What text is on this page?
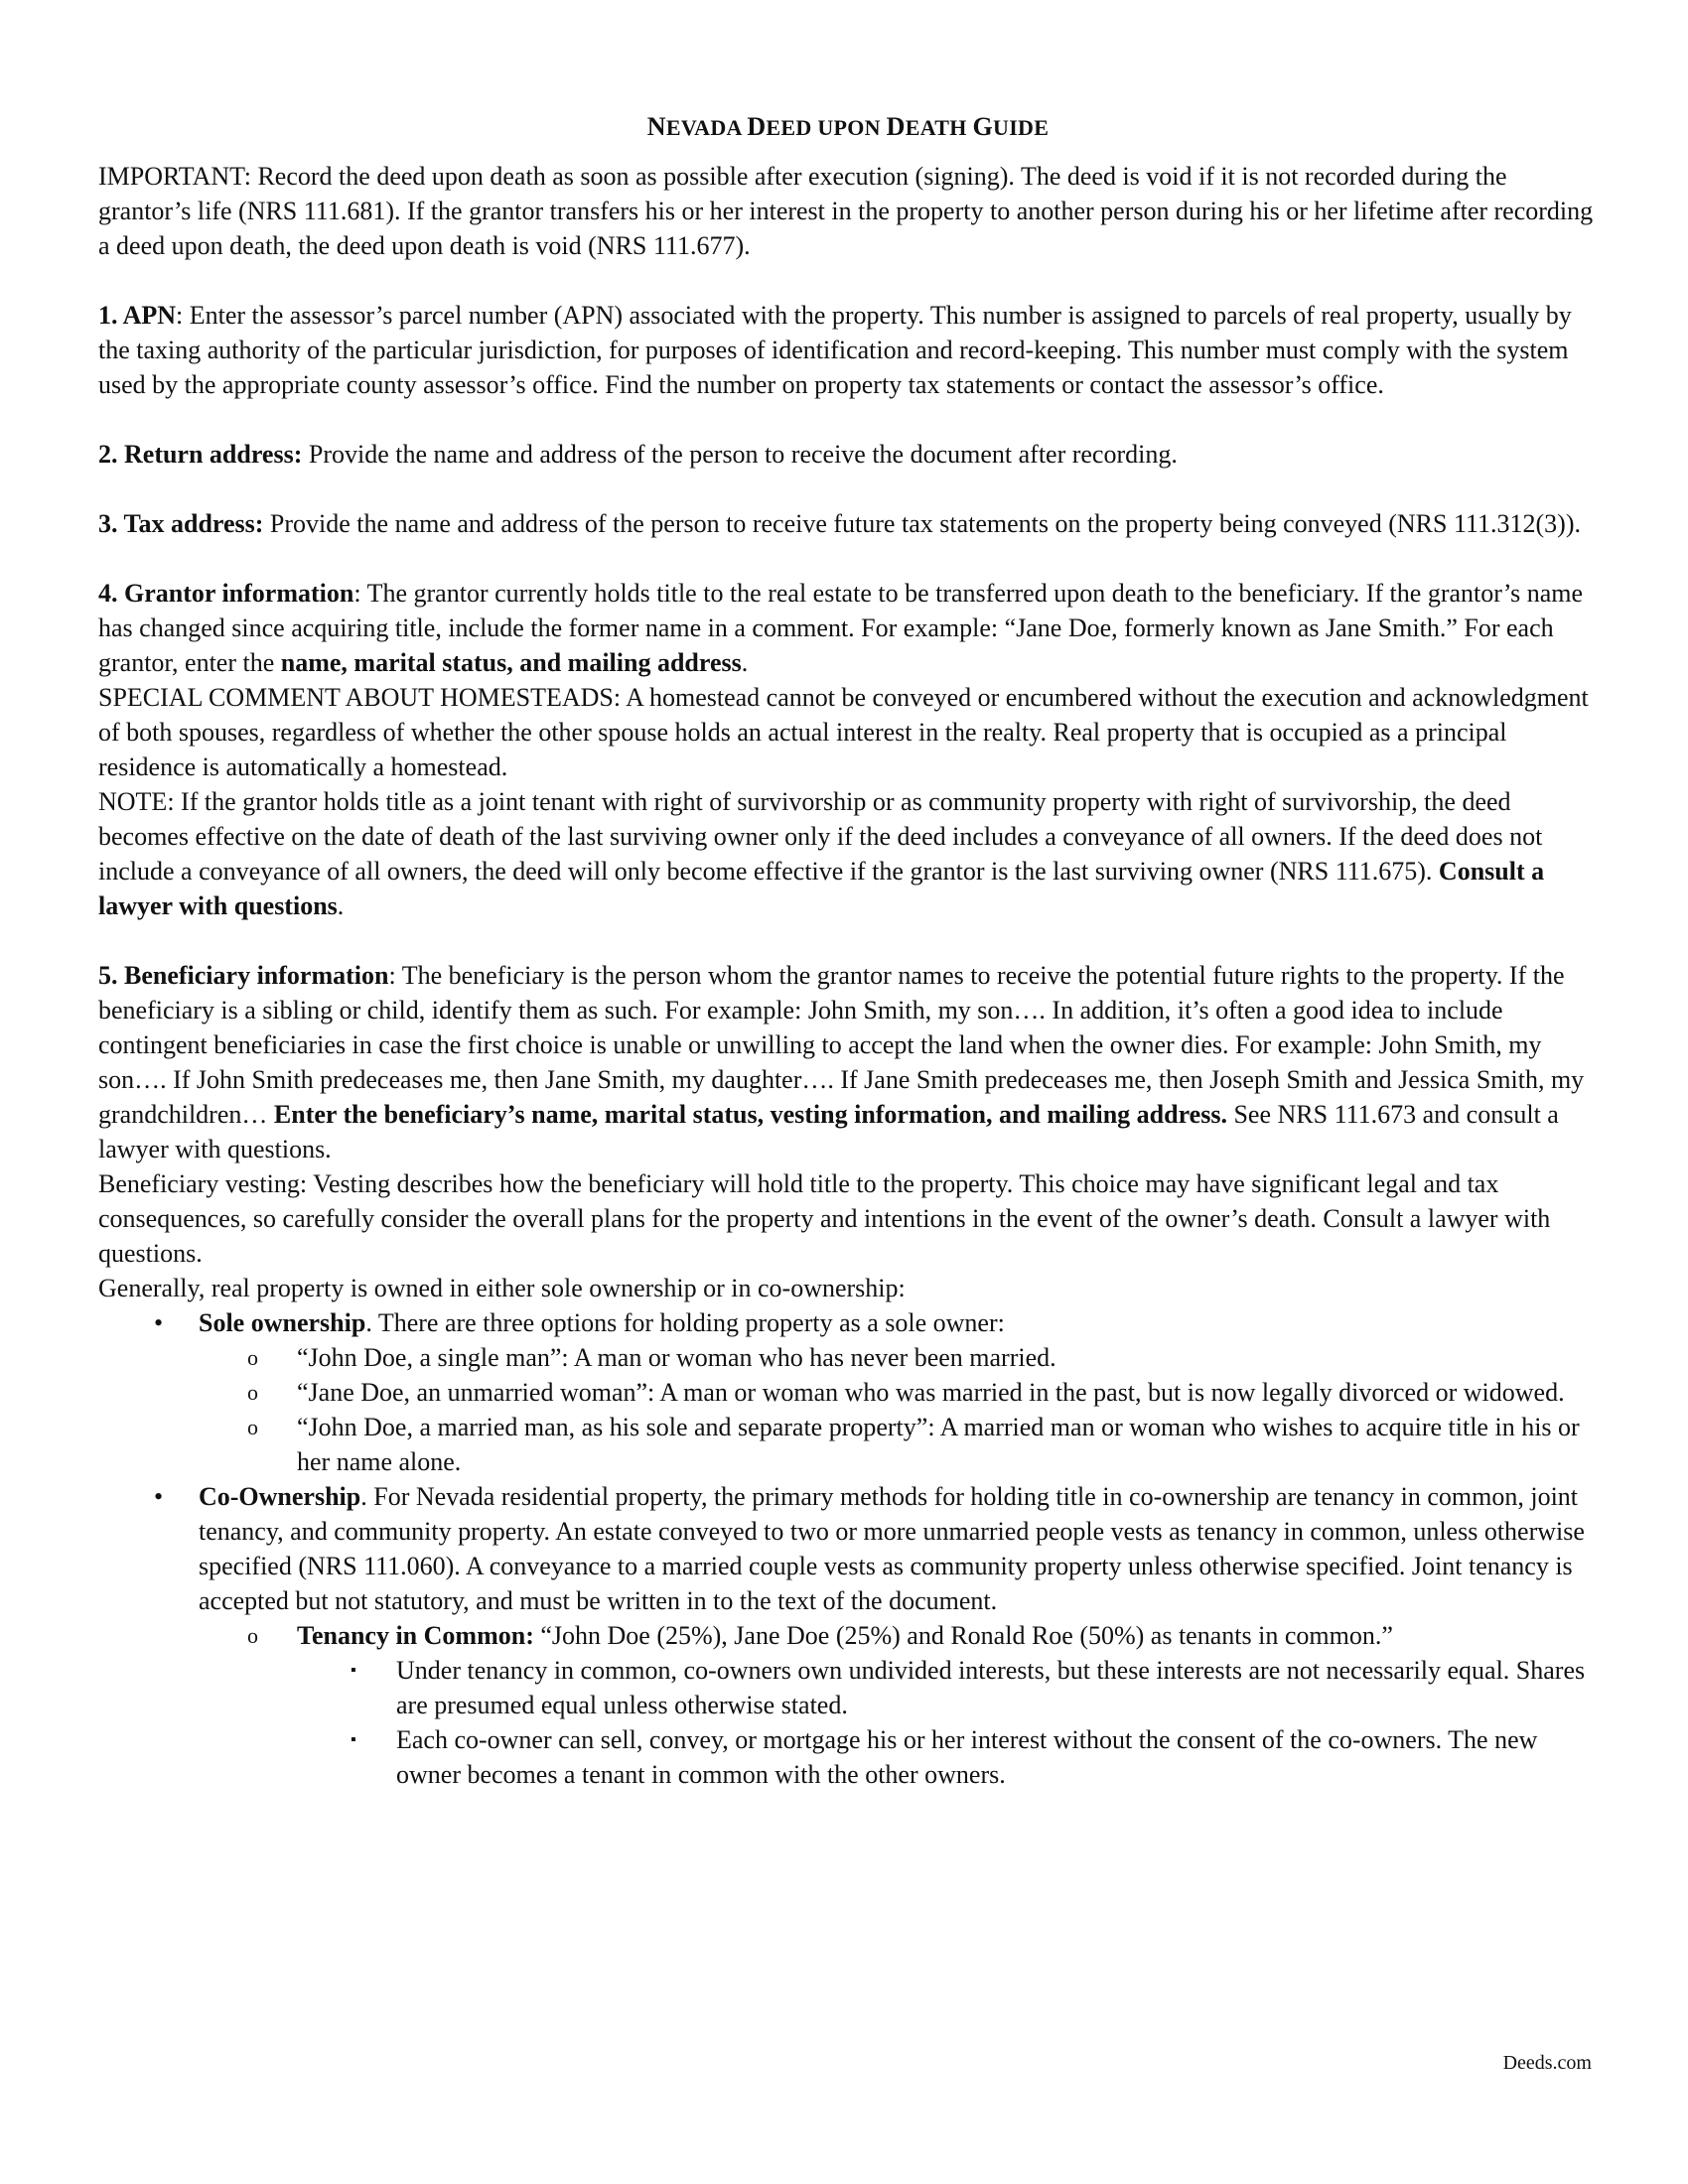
NEVADA DEED UPON DEATH GUIDE

IMPORTANT: Record the deed upon death as soon as possible after execution (signing). The deed is void if it is not recorded during the grantor’s life (NRS 111.681). If the grantor transfers his or her interest in the property to another person during his or her lifetime after recording a deed upon death, the deed upon death is void (NRS 111.677).

1. APN: Enter the assessor’s parcel number (APN) associated with the property. This number is assigned to parcels of real property, usually by the taxing authority of the particular jurisdiction, for purposes of identification and record-keeping. This number must comply with the system used by the appropriate county assessor’s office. Find the number on property tax statements or contact the assessor’s office.

2. Return address: Provide the name and address of the person to receive the document after recording.

3. Tax address: Provide the name and address of the person to receive future tax statements on the property being conveyed (NRS 111.312(3)).

4. Grantor information: The grantor currently holds title to the real estate to be transferred upon death to the beneficiary. If the grantor’s name has changed since acquiring title, include the former name in a comment. For example: “Jane Doe, formerly known as Jane Smith.” For each grantor, enter the name, marital status, and mailing address.

SPECIAL COMMENT ABOUT HOMESTEADS: A homestead cannot be conveyed or encumbered without the execution and acknowledgment of both spouses, regardless of whether the other spouse holds an actual interest in the realty. Real property that is occupied as a principal residence is automatically a homestead.

NOTE: If the grantor holds title as a joint tenant with right of survivorship or as community property with right of survivorship, the deed becomes effective on the date of death of the last surviving owner only if the deed includes a conveyance of all owners. If the deed does not include a conveyance of all owners, the deed will only become effective if the grantor is the last surviving owner (NRS 111.675). Consult a lawyer with questions.

5. Beneficiary information: The beneficiary is the person whom the grantor names to receive the potential future rights to the property. If the beneficiary is a sibling or child, identify them as such. For example: John Smith, my son…. In addition, it’s often a good idea to include contingent beneficiaries in case the first choice is unable or unwilling to accept the land when the owner dies. For example: John Smith, my son…. If John Smith predeceases me, then Jane Smith, my daughter…. If Jane Smith predeceases me, then Joseph Smith and Jessica Smith, my grandchildren… Enter the beneficiary’s name, marital status, vesting information, and mailing address. See NRS 111.673 and consult a lawyer with questions.

Beneficiary vesting: Vesting describes how the beneficiary will hold title to the property. This choice may have significant legal and tax consequences, so carefully consider the overall plans for the property and intentions in the event of the owner’s death. Consult a lawyer with questions.

Generally, real property is owned in either sole ownership or in co-ownership:

• Sole ownership. There are three options for holding property as a sole owner:
o “John Doe, a single man”: A man or woman who has never been married.
o “Jane Doe, an unmarried woman”: A man or woman who was married in the past, but is now legally divorced or widowed.
o “John Doe, a married man, as his sole and separate property”: A married man or woman who wishes to acquire title in his or her name alone.
• Co-Ownership. For Nevada residential property, the primary methods for holding title in co-ownership are tenancy in common, joint tenancy, and community property. An estate conveyed to two or more unmarried people vests as tenancy in common, unless otherwise specified (NRS 111.060). A conveyance to a married couple vests as community property unless otherwise specified. Joint tenancy is accepted but not statutory, and must be written in to the text of the document.
o Tenancy in Common: “John Doe (25%), Jane Doe (25%) and Ronald Roe (50%) as tenants in common.”
▪ Under tenancy in common, co-owners own undivided interests, but these interests are not necessarily equal. Shares are presumed equal unless otherwise stated.
▪ Each co-owner can sell, convey, or mortgage his or her interest without the consent of the co-owners. The new owner becomes a tenant in common with the other owners.
Deeds.com
